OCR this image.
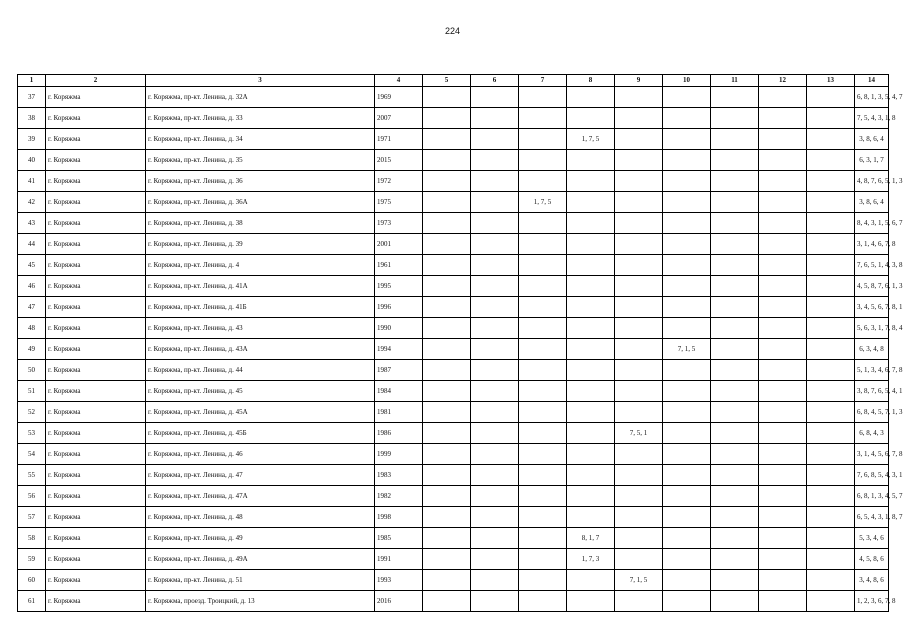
224
1	2	3	4	5	6	7	8	9	10	11	12	13	14
37	г. Коряжма	г. Коряжма, пр-кт. Ленина, д. 32А	1969										6, 8, 1, 3, 5, 4, 7
38	г. Коряжма	г. Коряжма, пр-кт. Ленина, д. 33	2007										7, 5, 4, 3, 1, 8
39	г. Коряжма	г. Коряжма, пр-кт. Ленина, д. 34	1971				1, 7, 5						3, 8, 6, 4
40	г. Коряжма	г. Коряжма, пр-кт. Ленина, д. 35	2015										6, 3, 1, 7
41	г. Коряжма	г. Коряжма, пр-кт. Ленина, д. 36	1972										4, 8, 7, 6, 5, 1, 3
42	г. Коряжма	г. Коряжма, пр-кт. Ленина, д. 36А	1975			1, 7, 5							3, 8, 6, 4
43	г. Коряжма	г. Коряжма, пр-кт. Ленина, д. 38	1973										8, 4, 3, 1, 5, 6, 7
44	г. Коряжма	г. Коряжма, пр-кт. Ленина, д. 39	2001										3, 1, 4, 6, 7, 8
45	г. Коряжма	г. Коряжма, пр-кт. Ленина, д. 4	1961										7, 6, 5, 1, 4, 3, 8
46	г. Коряжма	г. Коряжма, пр-кт. Ленина, д. 41А	1995										4, 5, 8, 7, 6, 1, 3
47	г. Коряжма	г. Коряжма, пр-кт. Ленина, д. 41Б	1996										3, 4, 5, 6, 7, 8, 1
48	г. Коряжма	г. Коряжма, пр-кт. Ленина, д. 43	1990										5, 6, 3, 1, 7, 8, 4
49	г. Коряжма	г. Коряжма, пр-кт. Ленина, д. 43А	1994						7, 1, 5				6, 3, 4, 8
50	г. Коряжма	г. Коряжма, пр-кт. Ленина, д. 44	1987										5, 1, 3, 4, 6, 7, 8
51	г. Коряжма	г. Коряжма, пр-кт. Ленина, д. 45	1984										3, 8, 7, 6, 5, 4, 1
52	г. Коряжма	г. Коряжма, пр-кт. Ленина, д. 45А	1981										6, 8, 4, 5, 7, 1, 3
53	г. Коряжма	г. Коряжма, пр-кт. Ленина, д. 45Б	1986					7, 5, 1					6, 8, 4, 3
54	г. Коряжма	г. Коряжма, пр-кт. Ленина, д. 46	1999										3, 1, 4, 5, 6, 7, 8
55	г. Коряжма	г. Коряжма, пр-кт. Ленина, д. 47	1983										7, 6, 8, 5, 4, 3, 1
56	г. Коряжма	г. Коряжма, пр-кт. Ленина, д. 47А	1982										6, 8, 1, 3, 4, 5, 7
57	г. Коряжма	г. Коряжма, пр-кт. Ленина, д. 48	1998										6, 5, 4, 3, 1, 8, 7
58	г. Коряжма	г. Коряжма, пр-кт. Ленина, д. 49	1985				8, 1, 7						5, 3, 4, 6
59	г. Коряжма	г. Коряжма, пр-кт. Ленина, д. 49А	1991				1, 7, 3						4, 5, 8, 6
60	г. Коряжма	г. Коряжма, пр-кт. Ленина, д. 51	1993					7, 1, 5					3, 4, 8, 6
61	г. Коряжма	г. Коряжма, проезд. Троицкий, д. 13	2016										1, 2, 3, 6, 7, 8
